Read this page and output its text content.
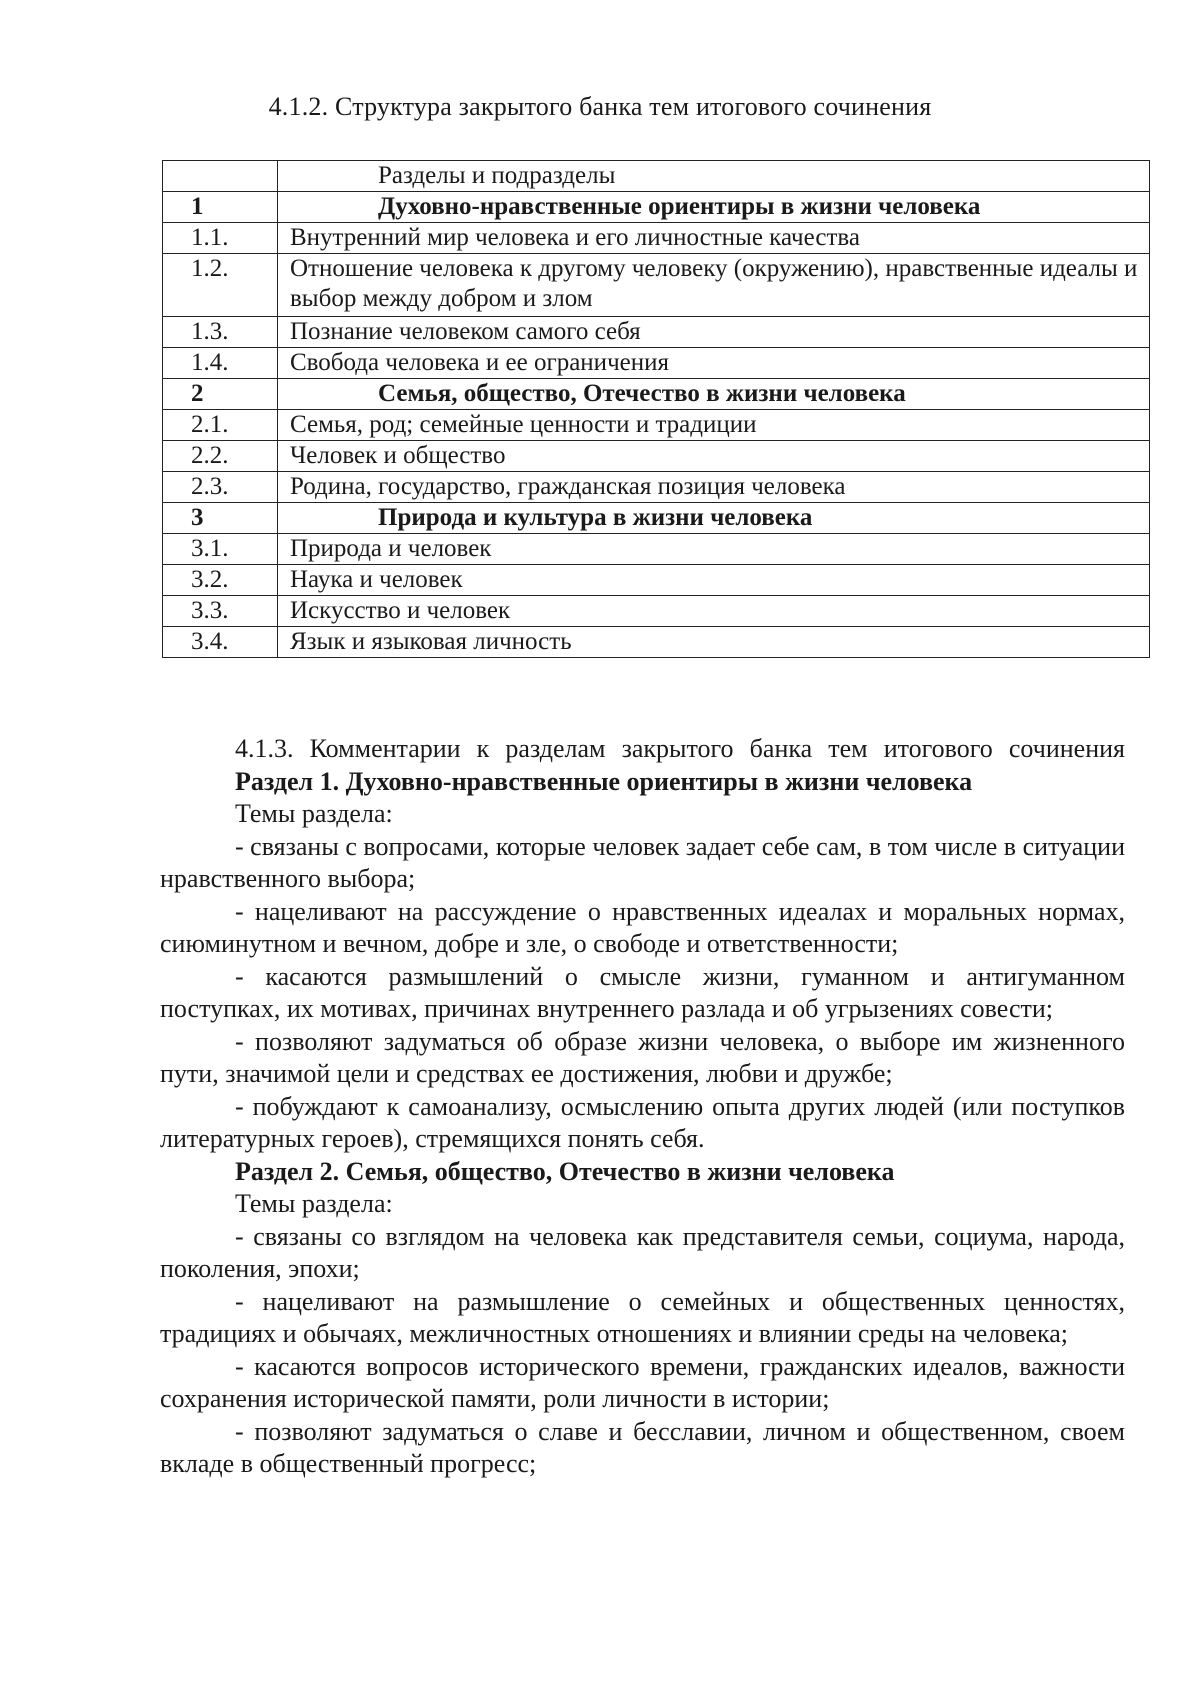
4.1.2. Структура закрытого банка тем итогового сочинения
	Разделы и подразделы
1	Духовно-нравственные ориентиры в жизни человека
1.1.	Внутренний мир человека и его личностные качества
1.2.	Отношение человека к другому человеку (окружению), нравственные идеалы и выбор между добром и злом
1.3.	Познание человеком самого себя
1.4.	Свобода человека и ее ограничения
2	Семья, общество, Отечество в жизни человека
2.1.	Семья, род; семейные ценности и традиции
2.2.	Человек и общество
2.3.	Родина, государство, гражданская позиция человека
3	Природа и культура в жизни человека
3.1.	Природа и человек
3.2.	Наука и человек
3.3.	Искусство и человек
3.4.	Язык и языковая личность

4.1.3. Комментарии к разделам закрытого банка тем итогового сочинения

Раздел 1. Духовно-нравственные ориентиры в жизни человека

Темы раздела:

- связаны с вопросами, которые человек задает себе сам, в том числе в ситуации нравственного выбора;

- нацеливают на рассуждение о нравственных идеалах и моральных нормах, сиюминутном и вечном, добре и зле, о свободе и ответственности;

- касаются размышлений о смысле жизни, гуманном и антигуманном поступках, их мотивах, причинах внутреннего разлада и об угрызениях совести;

- позволяют задуматься об образе жизни человека, о выборе им жизненного пути, значимой цели и средствах ее достижения, любви и дружбе;

- побуждают к самоанализу, осмыслению опыта других людей (или поступков литературных героев), стремящихся понять себя.

Раздел 2. Семья, общество, Отечество в жизни человека

Темы раздела:

- связаны со взглядом на человека как представителя семьи, социума, народа, поколения, эпохи;

- нацеливают на размышление о семейных и общественных ценностях, традициях и обычаях, межличностных отношениях и влиянии среды на человека;

- касаются вопросов исторического времени, гражданских идеалов, важности сохранения исторической памяти, роли личности в истории;

- позволяют задуматься о славе и бесславии, личном и общественном, своем вкладе в общественный прогресс;
